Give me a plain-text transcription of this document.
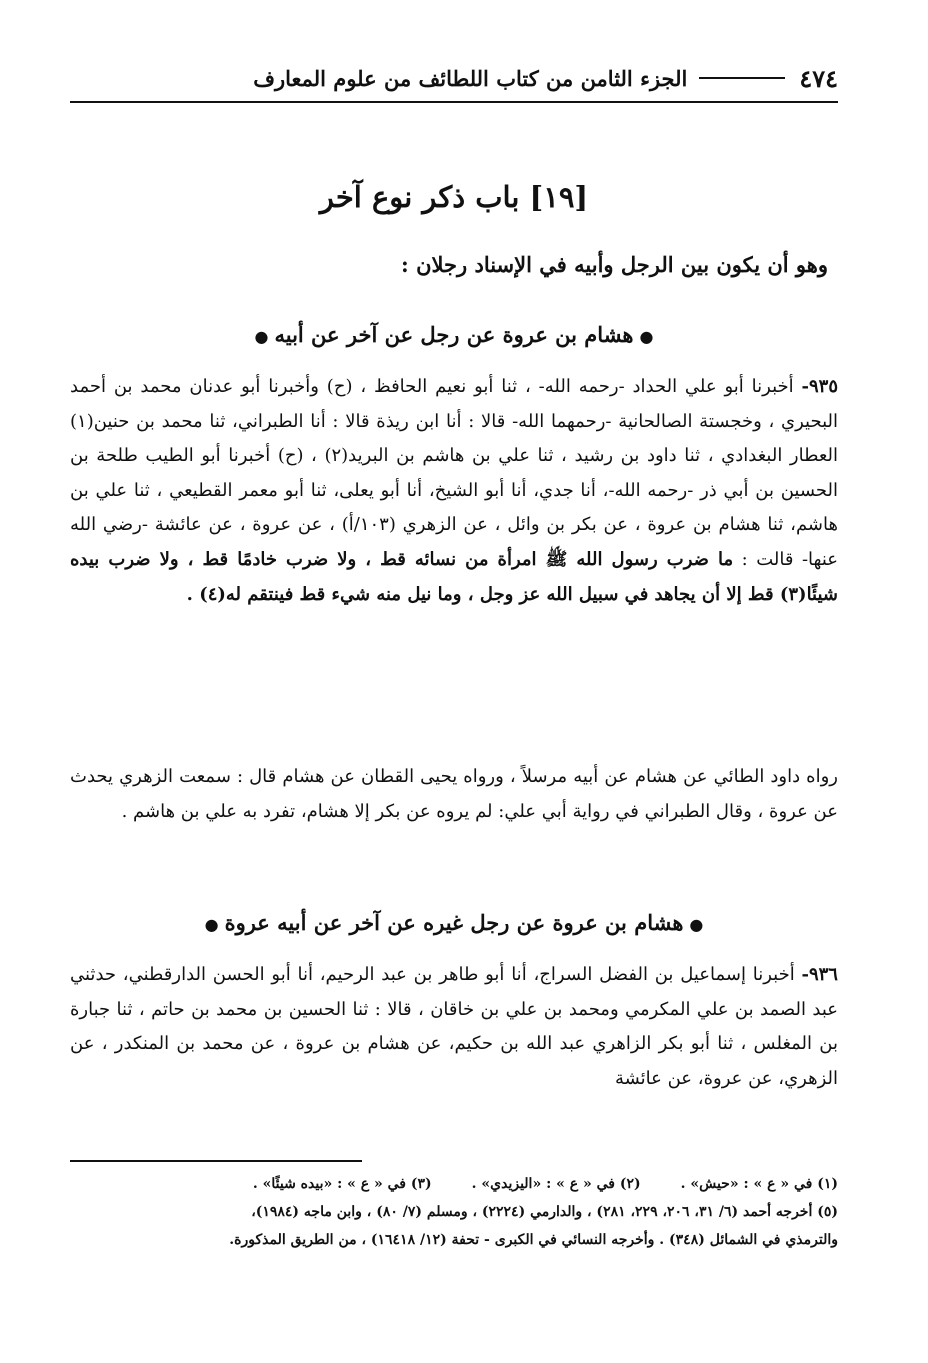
٤٧٤
الجزء الثامن من كتاب اللطائف من علوم المعارف
[١٩] باب ذكر نوع آخر
وهو أن يكون بين الرجل وأبيه في الإسناد رجلان :
●هشام بن عروة عن رجل عن آخر عن أبيه●
٩٣٥- أخبرنا أبو علي الحداد -رحمه الله- ، ثنا أبو نعيم الحافظ ، (ح) وأخبرنا أبو عدنان محمد بن أحمد البحيري ، وخجستة الصالحانية -رحمهما الله- قالا : أنا ابن ريذة قالا : أنا الطبراني، ثنا محمد بن حنين(١) العطار البغدادي ، ثنا داود بن رشيد ، ثنا علي بن هاشم بن البريد(٢) ، (ح) أخبرنا أبو الطيب طلحة بن الحسين بن أبي ذر -رحمه الله-، أنا جدي، أنا أبو الشيخ، أنا أبو يعلى، ثنا أبو معمر القطيعي ، ثنا علي بن هاشم، ثنا هشام بن عروة ، عن بكر بن وائل ، عن الزهري (١٠٣/أ) ، عن عروة ، عن عائشة -رضي الله عنها- قالت : ما ضرب رسول الله ﷺ امرأة من نسائه قط ، ولا ضرب خادمًا قط ، ولا ضرب بيده شيئًا(٣) قط إلا أن يجاهد في سبيل الله عز وجل ، وما نيل منه شيء قط فينتقم له(٤) .
رواه داود الطائي عن هشام عن أبيه مرسلاً ، ورواه يحيى القطان عن هشام قال : سمعت الزهري يحدث عن عروة ، وقال الطبراني في رواية أبي علي: لم يروه عن بكر إلا هشام، تفرد به علي بن هاشم .
●هشام بن عروة عن رجل غيره عن آخر عن أبيه عروة●
٩٣٦- أخبرنا إسماعيل بن الفضل السراج، أنا أبو طاهر بن عبد الرحيم، أنا أبو الحسن الدارقطني، حدثني عبد الصمد بن علي المكرمي ومحمد بن علي بن خاقان ، قالا : ثنا الحسين بن محمد بن حاتم ، ثنا جبارة بن المغلس ، ثنا أبو بكر الزاهري عبد الله بن حكيم، عن هشام بن عروة ، عن محمد بن المنكدر ، عن الزهري، عن عروة، عن عائشة
(١) في « ع » : «حيش» .
(٢) في « ع » : «اليزيدي» .
(٣) في « ع » : «بيده شيئًا» .
(٥) أخرجه أحمد (٦/ ٣١، ٢٠٦، ٢٢٩، ٢٨١) ، والدارمي (٢٢٢٤) ، ومسلم (٧/ ٨٠) ، وابن ماجه (١٩٨٤)،
والترمذي في الشمائل (٣٤٨) . وأخرجه النسائي في الكبرى - تحفة (١٢/ ١٦٤١٨) ، من الطريق المذكورة.
